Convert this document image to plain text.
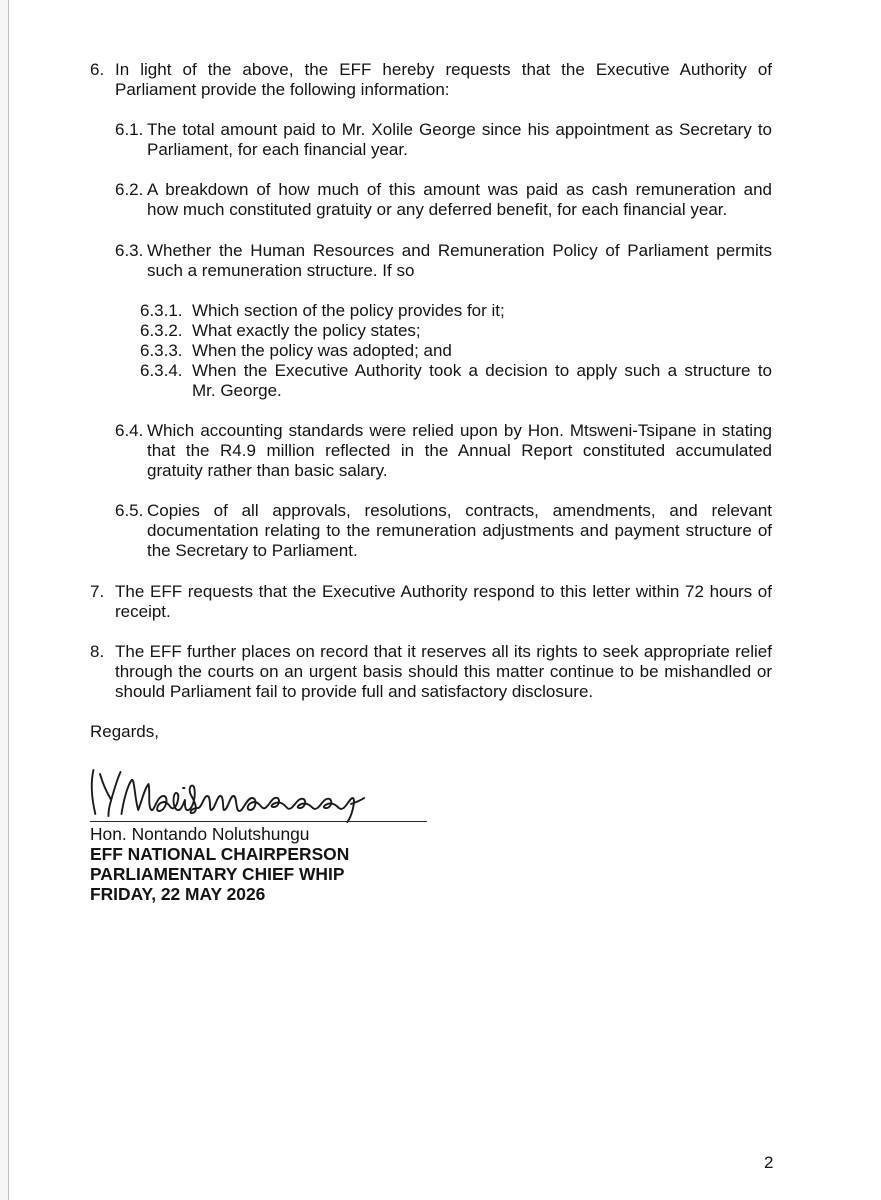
6. In light of the above, the EFF hereby requests that the Executive Authority of
Parliament provide the following information:
6.1. The total amount paid to Mr. Xolile George since his appointment as Secretary to
Parliament, for each financial year.
6.2. A breakdown of how much of this amount was paid as cash remuneration and
how much constituted gratuity or any deferred benefit, for each financial year.
6.3. Whether the Human Resources and Remuneration Policy of Parliament permits
such a remuneration structure. If so
6.3.1. Which section of the policy provides for it;
6.3.2. What exactly the policy states;
6.3.3. When the policy was adopted; and
6.3.4. When the Executive Authority took a decision to apply such a structure to
Mr. George.
6.4. Which accounting standards were relied upon by Hon. Mtsweni-Tsipane in stating
that the R4.9 million reflected in the Annual Report constituted accumulated
gratuity rather than basic salary.
6.5. Copies of all approvals, resolutions, contracts, amendments, and relevant
documentation relating to the remuneration adjustments and payment structure of
the Secretary to Parliament.
7. The EFF requests that the Executive Authority respond to this letter within 72 hours of
receipt.
8. The EFF further places on record that it reserves all its rights to seek appropriate relief
through the courts on an urgent basis should this matter continue to be mishandled or
should Parliament fail to provide full and satisfactory disclosure.
Regards,
Hon. Nontando Nolutshungu
EFF NATIONAL CHAIRPERSON
PARLIAMENTARY CHIEF WHIP
FRIDAY, 22 MAY 2026
2
